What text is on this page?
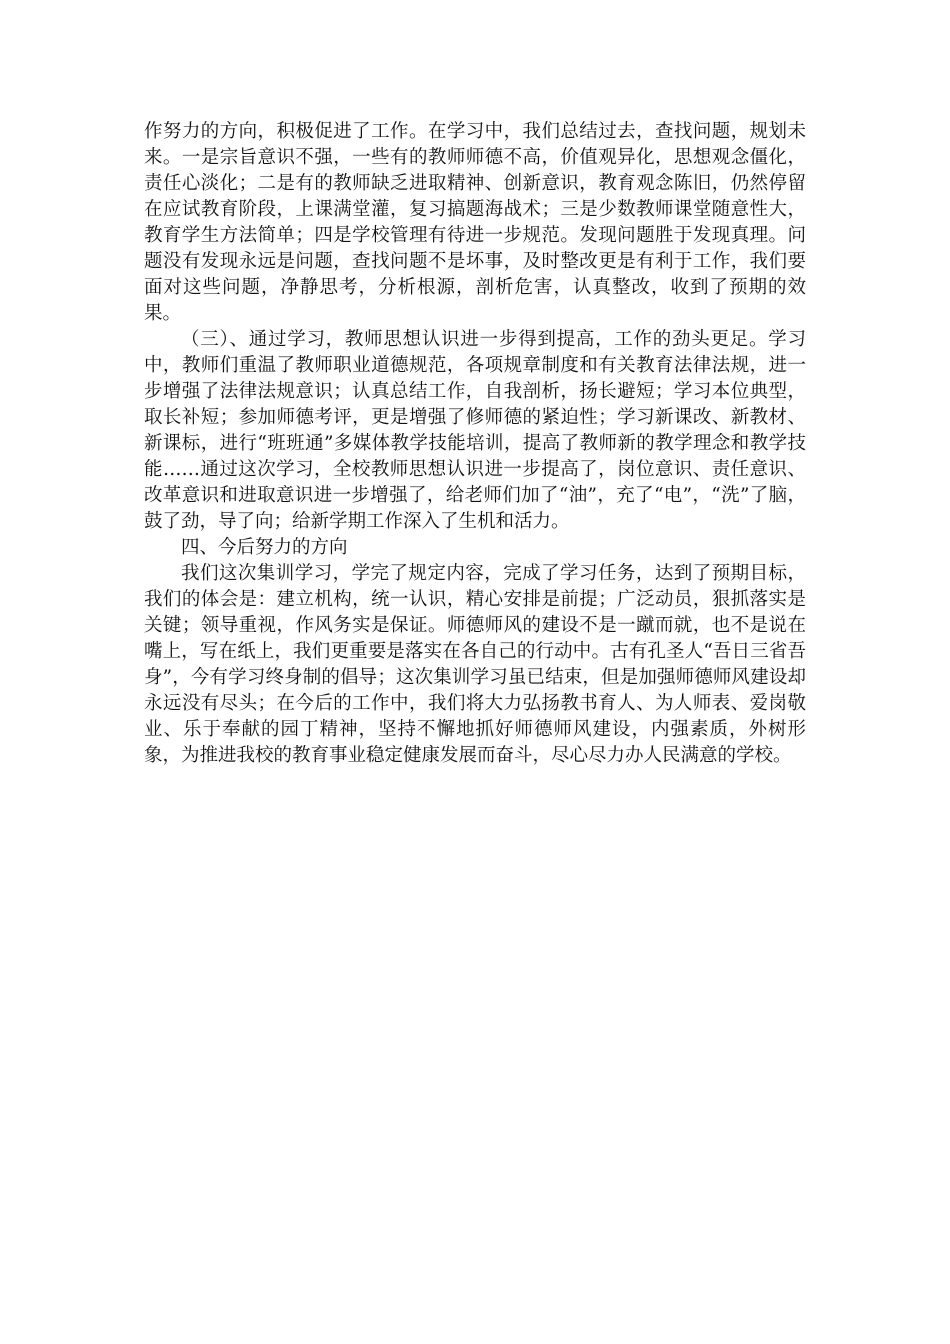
作努力的方向，积极促进了工作。在学习中，我们总结过去，查找问题，规划未来。一是宗旨意识不强，一些有的教师师德不高，价值观异化，思想观念僵化，责任心淡化；二是有的教师缺乏进取精神、创新意识，教育观念陈旧，仍然停留在应试教育阶段，上课满堂灌，复习搞题海战术；三是少数教师课堂随意性大，教育学生方法简单；四是学校管理有待进一步规范。发现问题胜于发现真理。问题没有发现永远是问题，查找问题不是坏事，及时整改更是有利于工作，我们要面对这些问题，净静思考，分析根源，剖析危害，认真整改，收到了预期的效果。

（三）、通过学习，教师思想认识进一步得到提高，工作的劲头更足。学习中，教师们重温了教师职业道德规范，各项规章制度和有关教育法律法规，进一步增强了法律法规意识；认真总结工作，自我剖析，扬长避短；学习本位典型，取长补短；参加师德考评，更是增强了修师德的紧迫性；学习新课改、新教材、新课标，进行“班班通”多媒体教学技能培训，提高了教师新的教学理念和教学技能……通过这次学习，全校教师思想认识进一步提高了，岗位意识、责任意识、改革意识和进取意识进一步增强了，给老师们加了“油”，充了“电”，“洗”了脑，鼓了劲，导了向；给新学期工作深入了生机和活力。

四、今后努力的方向

我们这次集训学习，学完了规定内容，完成了学习任务，达到了预期目标，我们的体会是：建立机构，统一认识，精心安排是前提；广泛动员，狠抓落实是关键；领导重视，作风务实是保证。师德师风的建设不是一蹴而就，也不是说在嘴上，写在纸上，我们更重要是落实在各自己的行动中。古有孔圣人“吾日三省吾身”，今有学习终身制的倡导；这次集训学习虽已结束，但是加强师德师风建设却永远没有尽头；在今后的工作中，我们将大力弘扬教书育人、为人师表、爱岗敬业、乐于奉献的园丁精神，坚持不懈地抓好师德师风建设，内强素质，外树形象，为推进我校的教育事业稳定健康发展而奋斗，尽心尽力办人民满意的学校。
